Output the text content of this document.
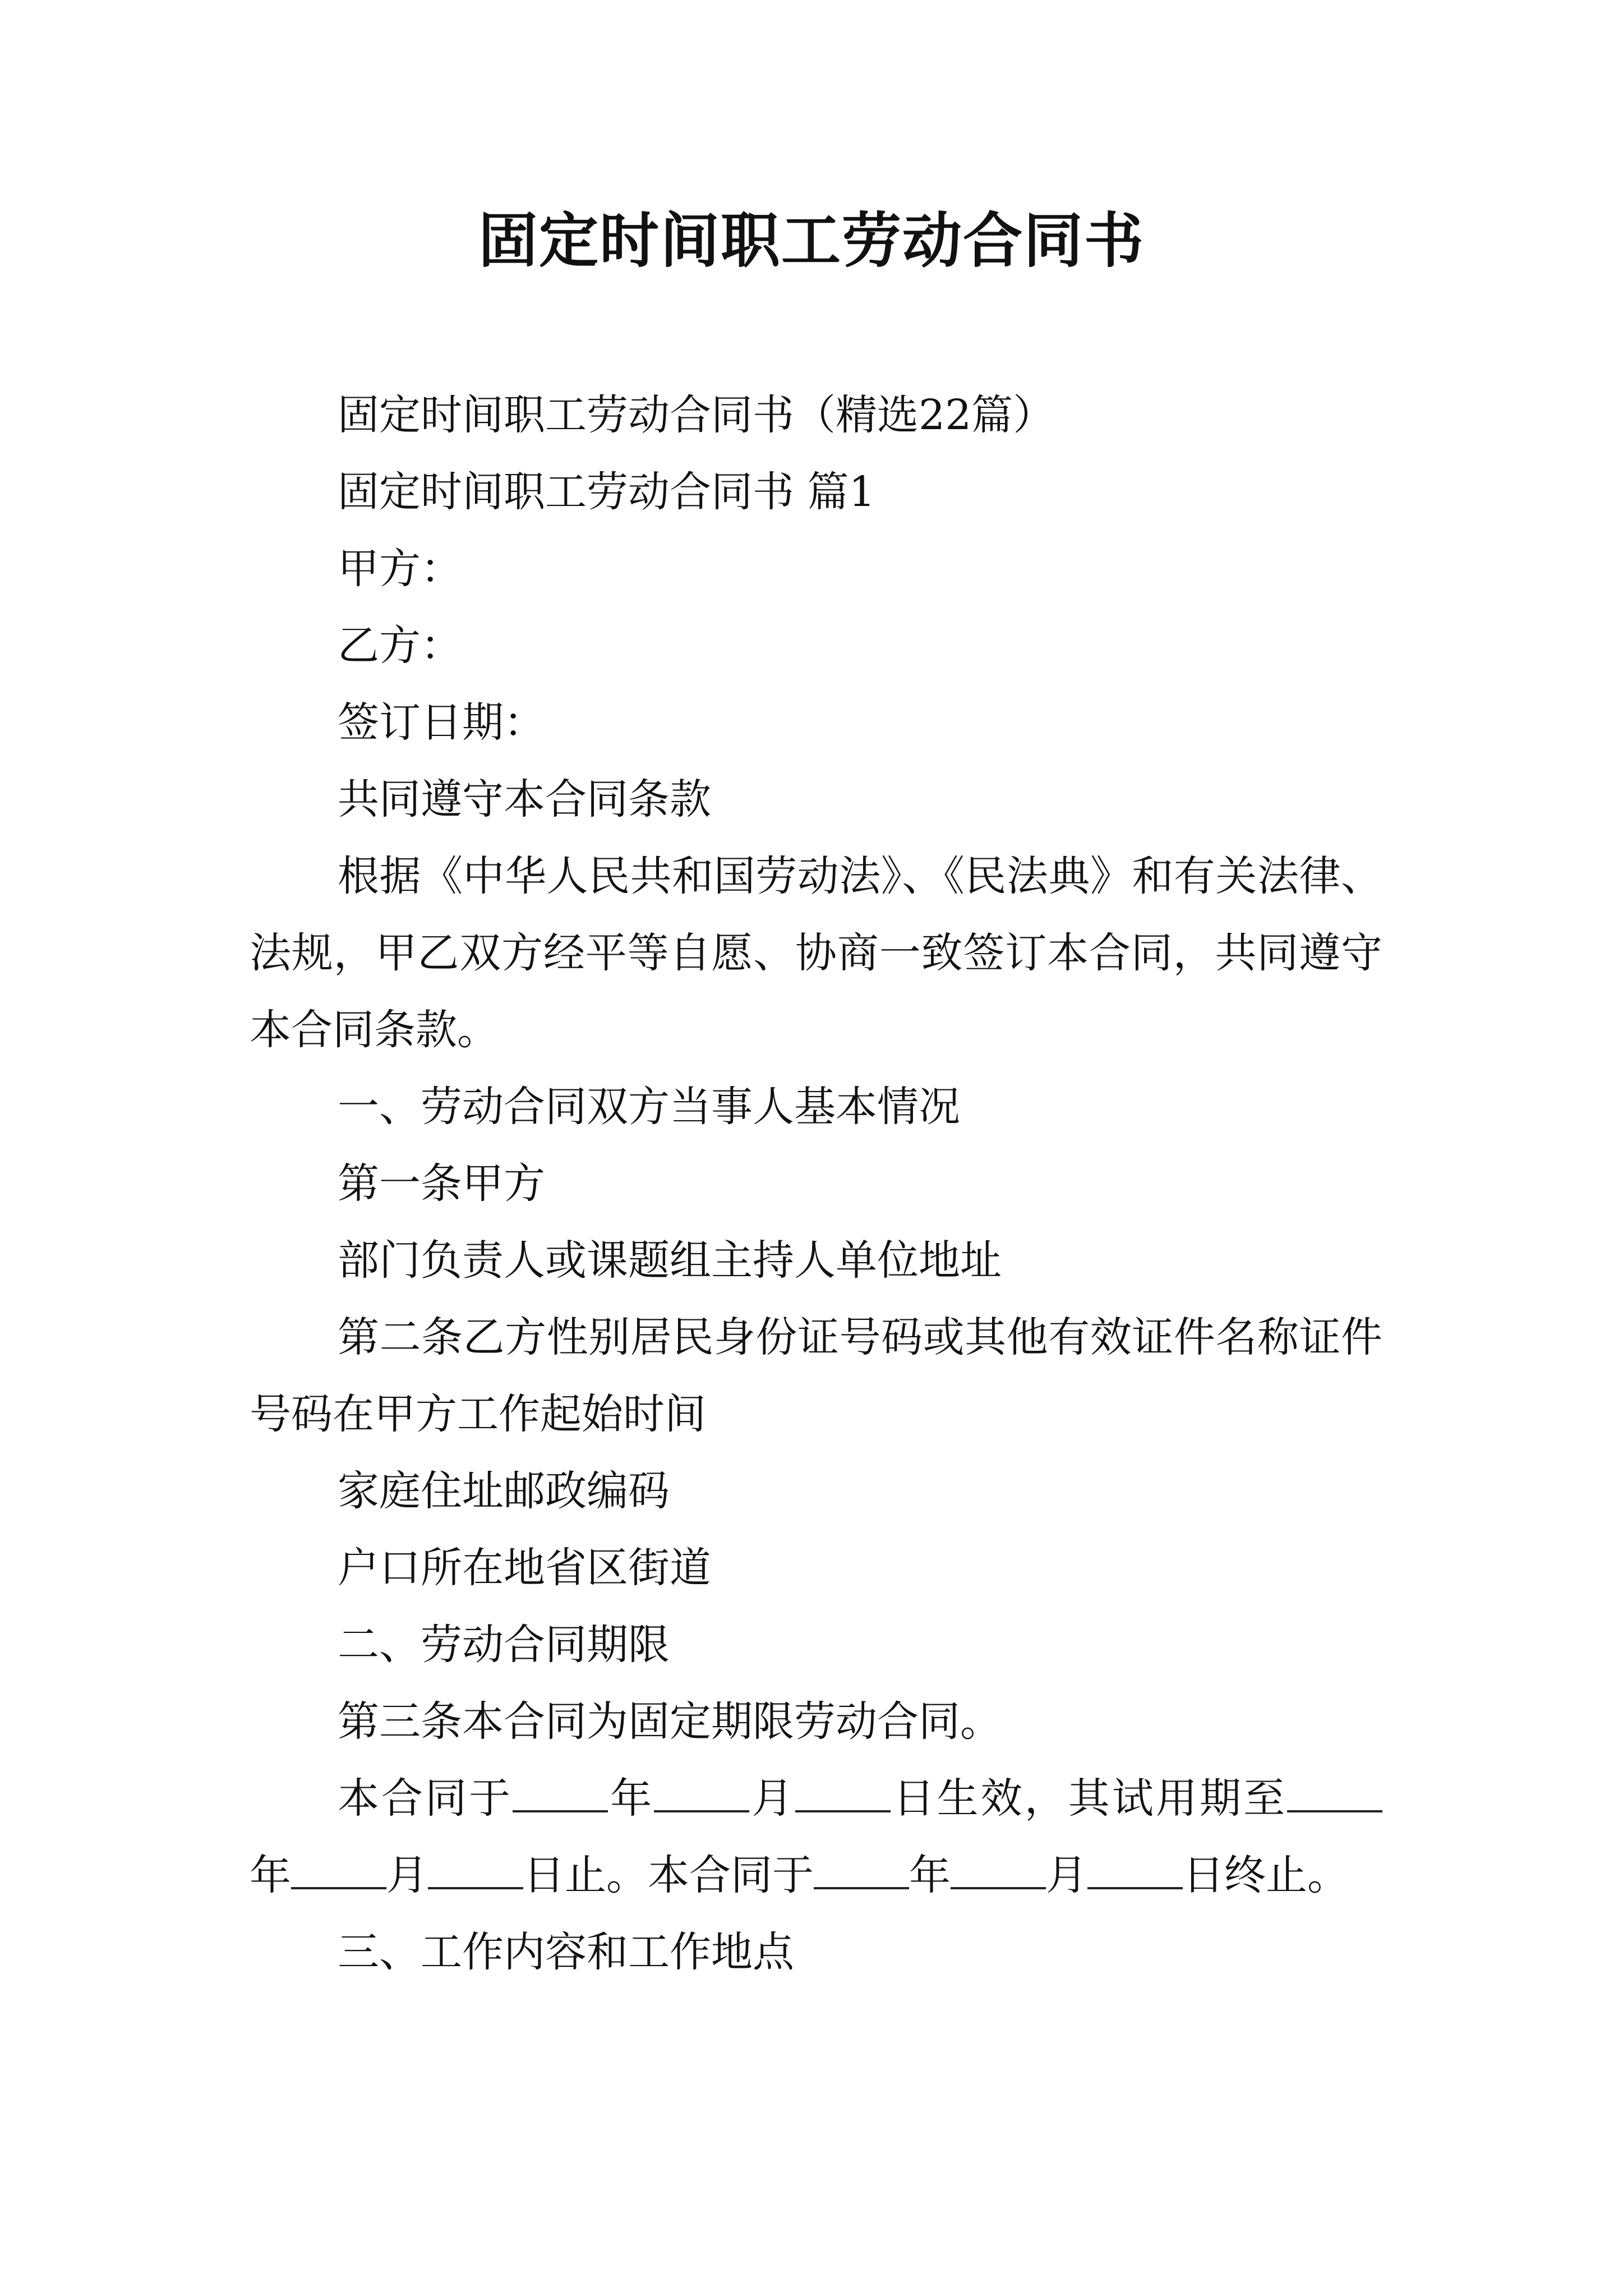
固定时间职工劳动合同书

固定时间职工劳动合同书（精选22篇）

固定时间职工劳动合同书 篇1

甲方：

乙方：

签订日期：

共同遵守本合同条款

根据《中华人民共和国劳动法》、《民法典》和有关法律、法规，甲乙双方经平等自愿、协商一致签订本合同，共同遵守本合同条款。

一、劳动合同双方当事人基本情况

第一条甲方

部门负责人或课题组主持人单位地址

第二条乙方性别居民身份证号码或其他有效证件名称证件号码在甲方工作起始时间

家庭住址邮政编码

户口所在地省区街道

二、劳动合同期限

第三条本合同为固定期限劳动合同。

本合同于 年 月 日生效，其试用期至年 月 日止。本合同于 年 月 日终止。

三、工作内容和工作地点
